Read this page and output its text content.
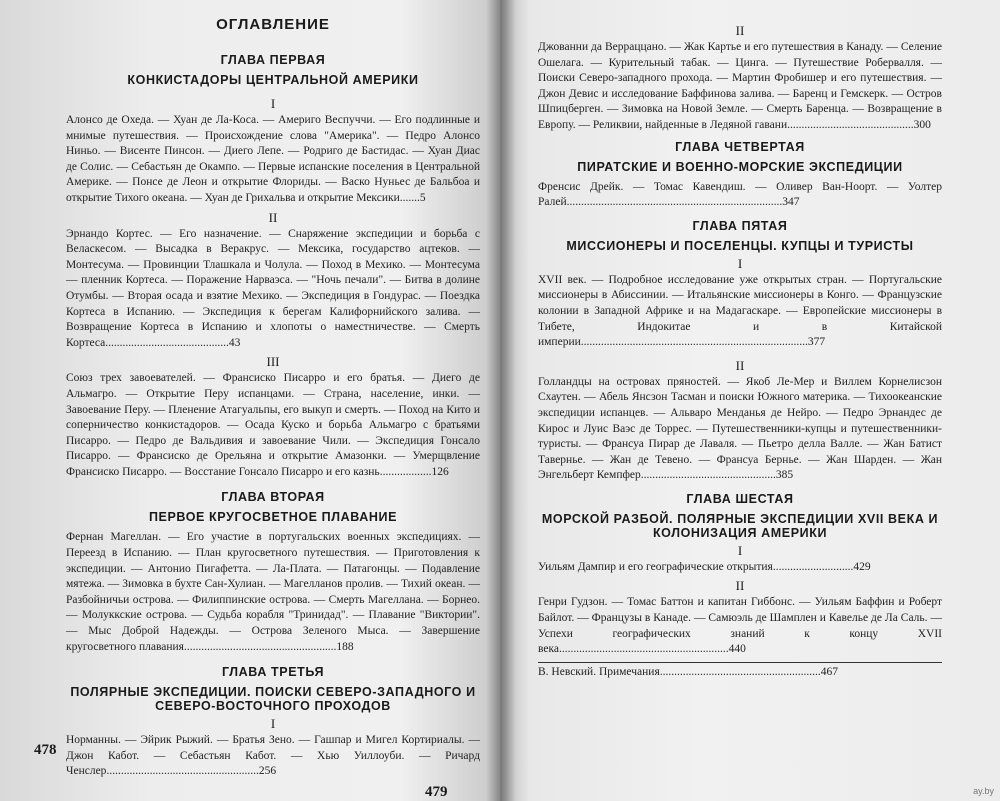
ОГЛАВЛЕНИЕ
ГЛАВА ПЕРВАЯ
КОНКИСТАДОРЫ ЦЕНТРАЛЬНОЙ АМЕРИКИ
I
Алонсо де Охеда. — Хуан де Ла-Коса. — Америго Веспуччи. — Его подлинные и мнимые путешествия. — Происхождение слова "Америка". — Педро Алонсо Ниньо. — Висенте Пинсон. — Диего Лепе. — Родриго де Бастидас. — Хуан Диас де Солис. — Себастьян де Окампо. — Первые испанские поселения в Центральной Америке. — Понсе де Леон и открытие Флориды. — Васко Нуньес де Бальбоа и открытие Тихого океана. — Хуан де Грихальва и открытие Мексики.......5
II
Эрнандо Кортес. — Его назначение. — Снаряжение экспедиции и борьба с Веласкесом. — Высадка в Веракрус. — Мексика, государство ацтеков. — Монтесума. — Провинции Тлашкала и Чолула. — Поход в Мехико. — Монтесума — пленник Кортеса. — Поражение Нарваэса. — "Ночь печали". — Битва в долине Отумбы. — Вторая осада и взятие Мехико. — Экспедиция в Гондурас. — Поездка Кортеса в Испанию. — Экспедиция к берегам Калифорнийского залива. — Возвращение Кортеса в Испанию и хлопоты о наместничестве. — Смерть Кортеса...........................................43
III
Союз трех завоевателей. — Франсиско Писарро и его братья. — Диего де Альмагро. — Открытие Перу испанцами. — Страна, население, инки. — Завоевание Перу. — Пленение Атагуальпы, его выкуп и смерть. — Поход на Кито и соперничество конкистадоров. — Осада Куско и борьба Альмагро с братьями Писарро. — Педро де Вальдивия и завоевание Чили. — Экспедиция Гонсало Писарро. — Франсиско де Орельяна и открытие Амазонки. — Умерщвление Франсиско Писарро. — Восстание Гонсало Писарро и его казнь..................126
ГЛАВА ВТОРАЯ
ПЕРВОЕ КРУГОСВЕТНОЕ ПЛАВАНИЕ
Фернан Магеллан. — Его участие в португальских военных экспедициях. — Переезд в Испанию. — План кругосветного путешествия. — Приготовления к экспедиции. — Антонио Пигафетта. — Ла-Плата. — Патагонцы. — Подавление мятежа. — Зимовка в бухте Сан-Хулиан. — Магелланов пролив. — Тихий океан. — Разбойничьи острова. — Филиппинские острова. — Смерть Магеллана. — Борнео. — Молуккские острова. — Судьба корабля "Тринидад". — Плавание "Виктории". — Мыс Доброй Надежды. — Острова Зеленого Мыса. — Завершение кругосветного плавания.....................................................188
ГЛАВА ТРЕТЬЯ
ПОЛЯРНЫЕ ЭКСПЕДИЦИИ. ПОИСКИ СЕВЕРО-ЗАПАДНОГО И СЕВЕРО-ВОСТОЧНОГО ПРОХОДОВ
I
Норманны. — Эйрик Рыжий. — Братья Зено. — Гашпар и Мигел Кортириалы. — Джон Кабот. — Себастьян Кабот. — Хью Уиллоуби. — Ричард Ченслер.....................................................256
II
Джованни да Верраццано. — Жак Картье и его путешествия в Канаду. — Селение Ошелага. — Курительный табак. — Цинга. — Путешествие Робервалля. — Поиски Северо-западного прохода. — Мартин Фробишер и его путешествия. — Джон Девис и исследование Баффинова залива. — Баренц и Гемскерк. — Остров Шпицберген. — Зимовка на Новой Земле. — Смерть Баренца. — Возвращение в Европу. — Реликвии, найденные в Ледяной гавани............................................300
ГЛАВА ЧЕТВЕРТАЯ
ПИРАТСКИЕ И ВОЕННО-МОРСКИЕ ЭКСПЕДИЦИИ
Френсис Дрейк. — Томас Кавендиш. — Оливер Ван-Ноорт. — Уолтер Ралей...........................................................................347
ГЛАВА ПЯТАЯ
МИССИОНЕРЫ И ПОСЕЛЕНЦЫ. КУПЦЫ И ТУРИСТЫ
I
XVII век. — Подробное исследование уже открытых стран. — Португальские миссионеры в Абиссинии. — Итальянские миссионеры в Конго. — Французские колонии в Западной Африке и на Мадагаскаре. — Европейские миссионеры в Тибете, Индокитае и в Китайской империи...............................................................................377
II
Голландцы на островах пряностей. — Якоб Ле-Мер и Виллем Корнелисзон Схаутен. — Абель Янсзон Тасман и поиски Южного материка. — Тихоокеанские экспедиции испанцев. — Альваро Менданья де Нейро. — Педро Эрнандес де Кирос и Луис Ваэс де Торрес. — Путешественники-купцы и путешественники-туристы. — Франсуа Пирар де Лаваля. — Пьетро делла Валле. — Жан Батист Тавернье. — Жан де Тевено. — Франсуа Бернье. — Жан Шарден. — Жан Энгельберт Кемпфер...............................................385
ГЛАВА ШЕСТАЯ
МОРСКОЙ РАЗБОЙ. ПОЛЯРНЫЕ ЭКСПЕДИЦИИ XVII ВЕКА И КОЛОНИЗАЦИЯ АМЕРИКИ
I
Уильям Дампир и его географические открытия............................429
II
Генри Гудзон. — Томас Баттон и капитан Гиббонс. — Уильям Баффин и Роберт Байлот. — Французы в Канаде. — Самюэль де Шамплен и Кавелье де Ла Саль. — Успехи географических знаний к концу XVII века...........................................................440
В. Невский. Примечания........................................................467
478
479	ay.by
